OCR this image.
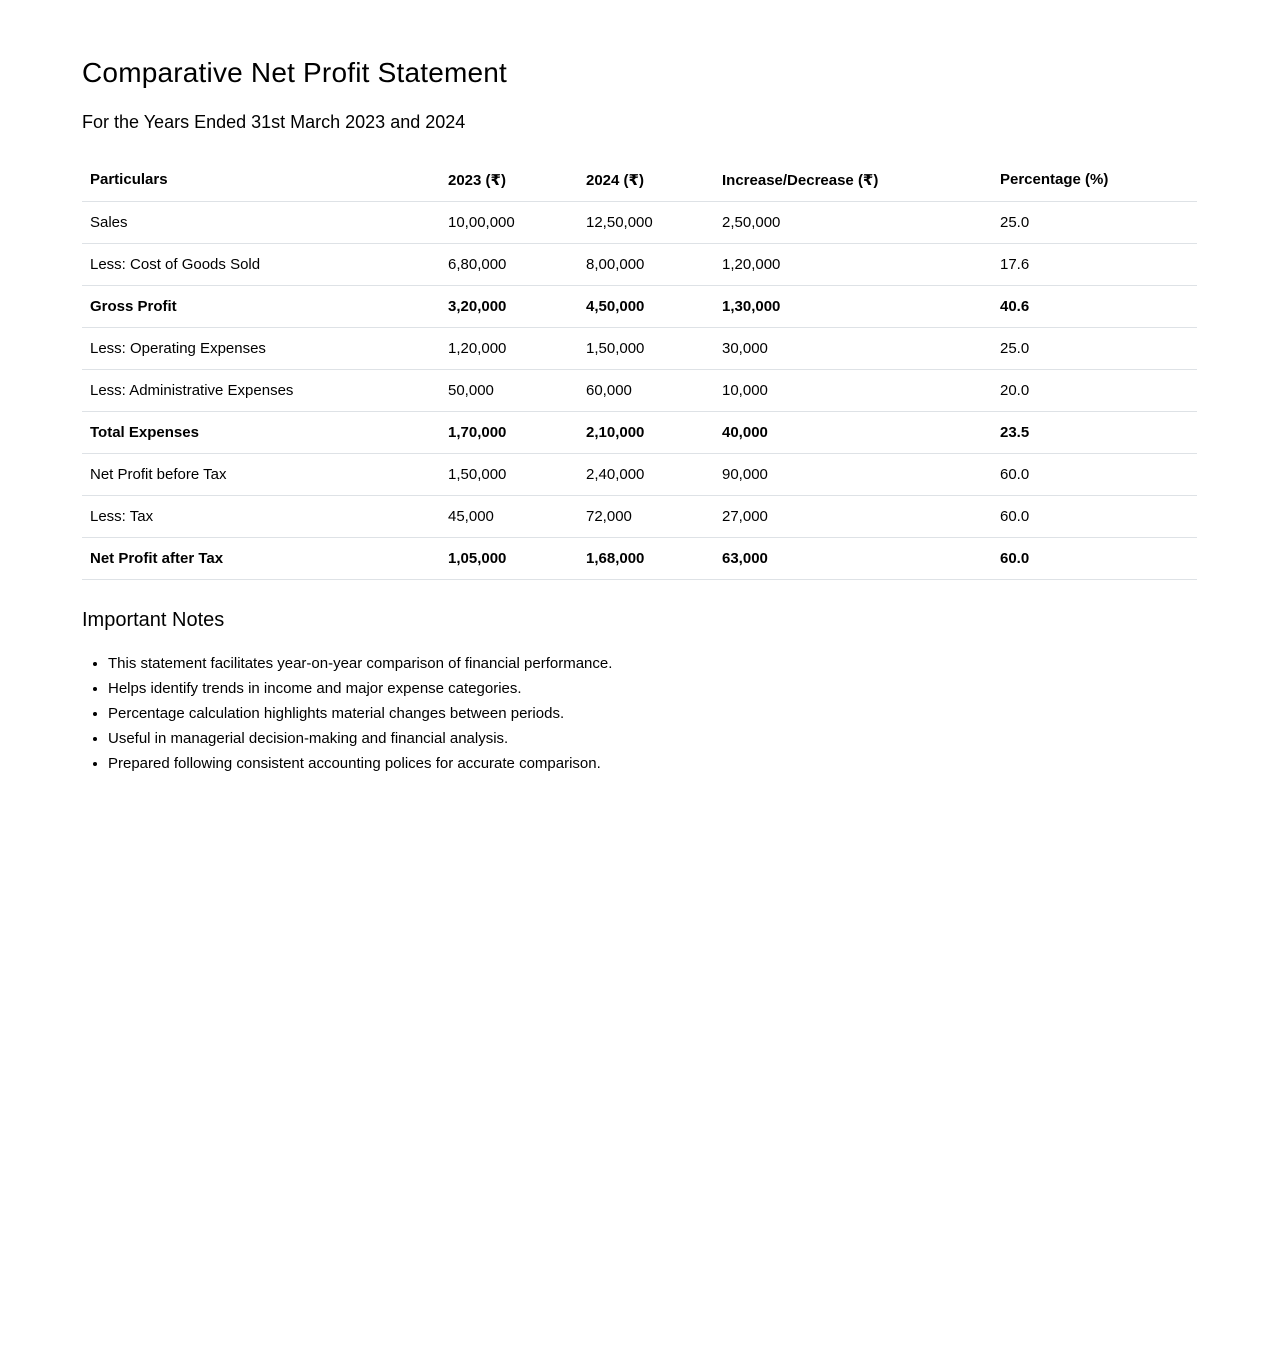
Comparative Net Profit Statement

For the Years Ended 31st March 2023 and 2024

Particulars	2023 (₹)	2024 (₹)	Increase/Decrease (₹)	Percentage (%)
Sales	10,00,000	12,50,000	2,50,000	25.0
Less: Cost of Goods Sold	6,80,000	8,00,000	1,20,000	17.6
Gross Profit	3,20,000	4,50,000	1,30,000	40.6
Less: Operating Expenses	1,20,000	1,50,000	30,000	25.0
Less: Administrative Expenses	50,000	60,000	10,000	20.0
Total Expenses	1,70,000	2,10,000	40,000	23.5
Net Profit before Tax	1,50,000	2,40,000	90,000	60.0
Less: Tax	45,000	72,000	27,000	60.0
Net Profit after Tax	1,05,000	1,68,000	63,000	60.0
Important Notes
• This statement facilitates year-on-year comparison of financial performance.
• Helps identify trends in income and major expense categories.
• Percentage calculation highlights material changes between periods.
• Useful in managerial decision-making and financial analysis.
• Prepared following consistent accounting polices for accurate comparison.
